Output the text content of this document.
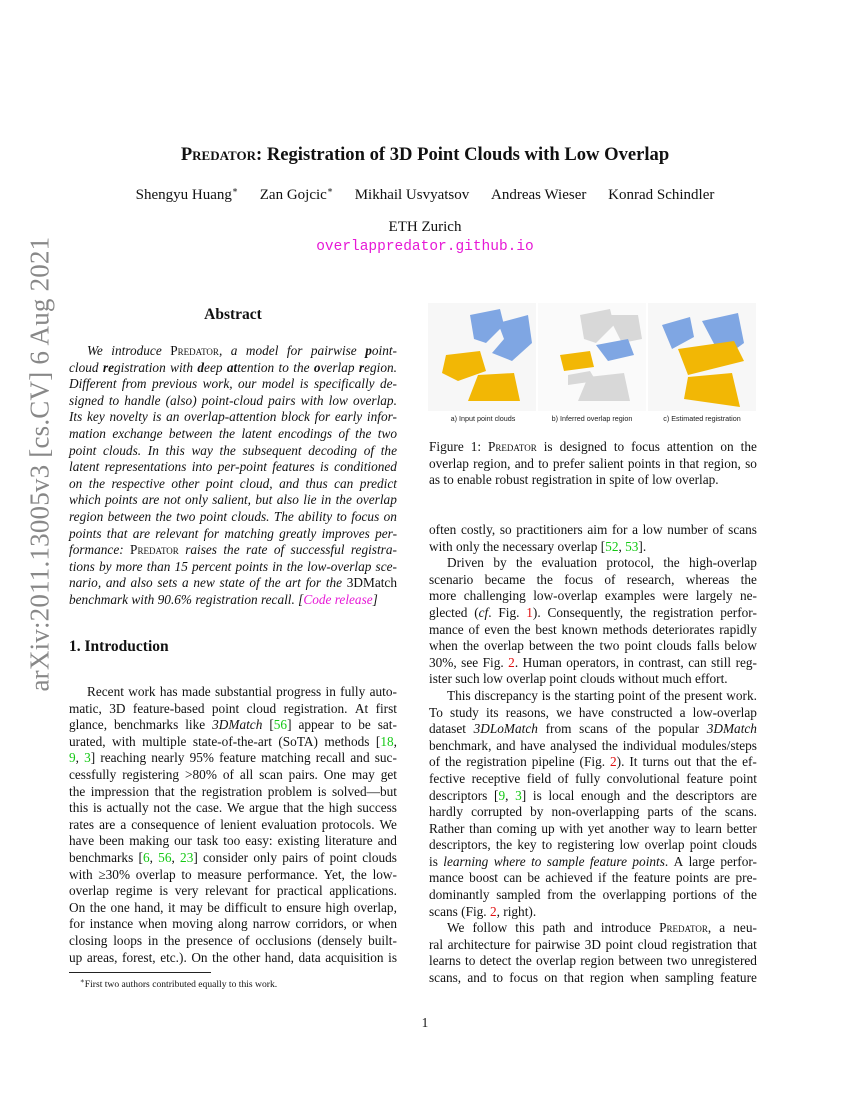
arXiv:2011.13005v3 [cs.CV] 6 Aug 2021
Predator: Registration of 3D Point Clouds with Low Overlap
Shengyu Huang∗ Zan Gojcic∗ Mikhail Usvyatsov Andreas Wieser Konrad Schindler
ETH Zurich
overlappredator.github.io
Abstract
We introduce Predator, a model for pairwise point-
cloud registration with deep attention to the overlap region.
Different from previous work, our model is specifically de-
signed to handle (also) point-cloud pairs with low overlap.
Its key novelty is an overlap-attention block for early infor-
mation exchange between the latent encodings of the two
point clouds. In this way the subsequent decoding of the
latent representations into per-point features is conditioned
on the respective other point cloud, and thus can predict
which points are not only salient, but also lie in the overlap
region between the two point clouds. The ability to focus on
points that are relevant for matching greatly improves per-
formance: Predator raises the rate of successful registra-
tions by more than 15 percent points in the low-overlap sce-
nario, and also sets a new state of the art for the 3DMatch
benchmark
with
90.6%
registration
recall.
[Code
release]
1. Introduction
Recent work has made substantial progress in fully auto-
matic, 3D feature-based point cloud registration. At first
glance, benchmarks like 3DMatch [56] appear to be sat-
urated, with multiple state-of-the-art (SoTA) methods [18,
9, 3] reaching nearly 95% feature matching recall and suc-
cessfully registering >80% of all scan pairs. One may get
the impression that the registration problem is solved—but
this is actually not the case. We argue that the high success
rates are a consequence of lenient evaluation protocols. We
have been making our task too easy: existing literature and
benchmarks [6, 56, 23] consider only pairs of point clouds
with ≥30% overlap to measure performance. Yet, the low-
overlap regime is very relevant for practical applications.
On the one hand, it may be difficult to ensure high overlap,
for instance when moving along narrow corridors, or when
closing loops in the presence of occlusions (densely built-
up areas, forest, etc.). On the other hand, data acquisition is
∗First two authors contributed equally to this work.
a) Input point clouds	b) Inferred overlap region	c) Estimated registration
Figure 1: Predator is designed to focus attention on the
overlap region, and to prefer salient points in that region, so
as
to
enable
robust
registration
in
spite
of
low
overlap.
often costly, so practitioners aim for a low number of scans
with
only
the
necessary
overlap
[52,
53].
Driven by the evaluation protocol, the high-overlap
scenario became the focus of research, whereas the
more challenging low-overlap examples were largely ne-
glected (cf. Fig. 1). Consequently, the registration perfor-
mance of even the best known methods deteriorates rapidly
when the overlap between the two point clouds falls below
30%, see Fig. 2. Human operators, in contrast, can still reg-
ister
such
low
overlap
point
clouds
without
much
effort.
This discrepancy is the starting point of the present work.
To study its reasons, we have constructed a low-overlap
dataset 3DLoMatch from scans of the popular 3DMatch
benchmark, and have analysed the individual modules/steps
of the registration pipeline (Fig. 2). It turns out that the ef-
fective receptive field of fully convolutional feature point
descriptors [9, 3] is local enough and the descriptors are
hardly corrupted by non-overlapping parts of the scans.
Rather than coming up with yet another way to learn better
descriptors, the key to registering low overlap point clouds
is learning where to sample feature points. A large perfor-
mance boost can be achieved if the feature points are pre-
dominantly sampled from the overlapping portions of the
scans
(Fig.
2,
right).
We follow this path and introduce Predator, a neu-
ral architecture for pairwise 3D point cloud registration that
learns to detect the overlap region between two unregistered
scans, and to focus on that region when sampling feature
1
